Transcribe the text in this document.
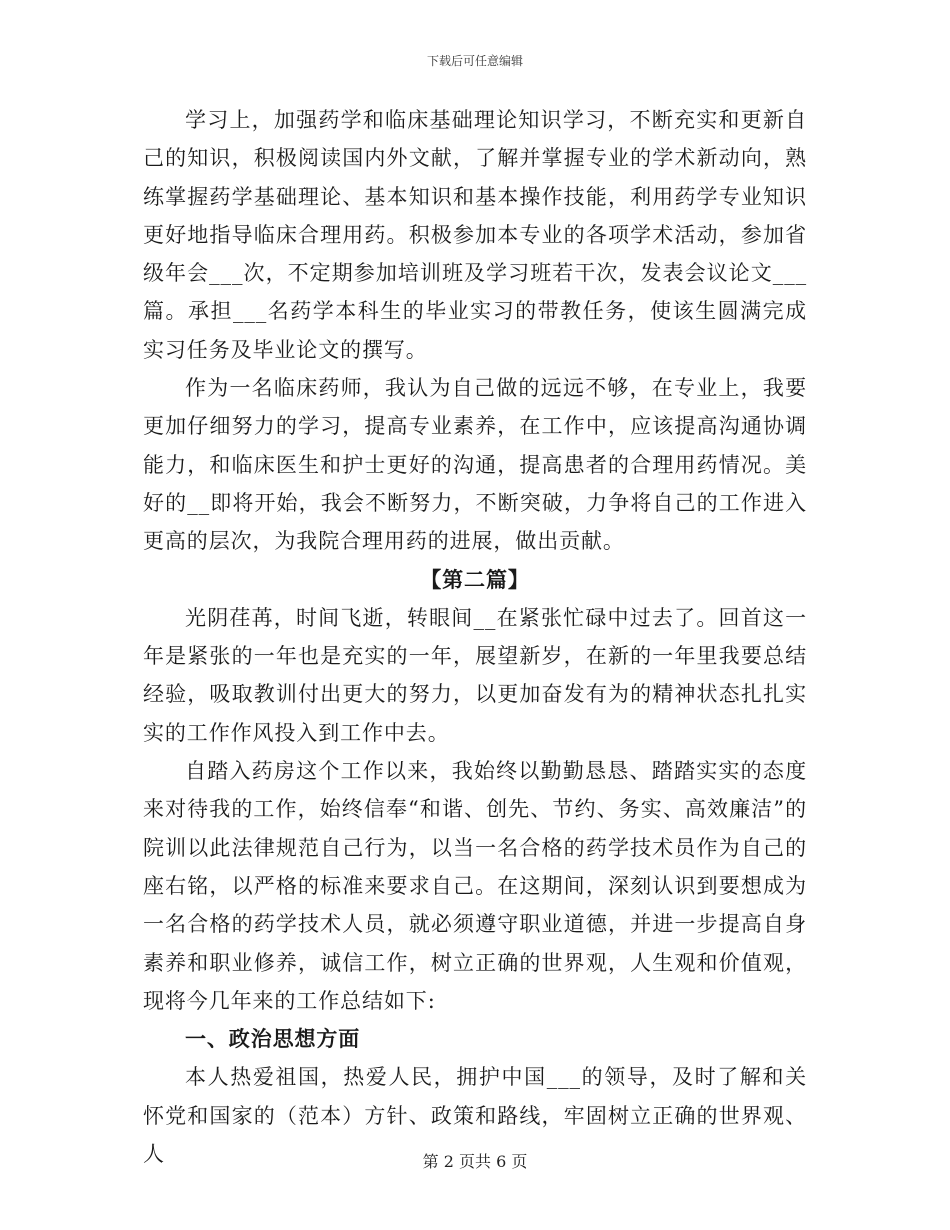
下载后可任意编辑

学习上，加强药学和临床基础理论知识学习，不断充实和更新自己的知识，积极阅读国内外文献，了解并掌握专业的学术新动向，熟练掌握药学基础理论、基本知识和基本操作技能，利用药学专业知识更好地指导临床合理用药。积极参加本专业的各项学术活动，参加省级年会___次，不定期参加培训班及学习班若干次，发表会议论文___篇。承担___名药学本科生的毕业实习的带教任务，使该生圆满完成实习任务及毕业论文的撰写。

作为一名临床药师，我认为自己做的远远不够，在专业上，我要更加仔细努力的学习，提高专业素养，在工作中，应该提高沟通协调能力，和临床医生和护士更好的沟通，提高患者的合理用药情况。美好的__即将开始，我会不断努力，不断突破，力争将自己的工作进入更高的层次，为我院合理用药的进展，做出贡献。

【第二篇】

光阴荏苒，时间飞逝，转眼间__在紧张忙碌中过去了。回首这一年是紧张的一年也是充实的一年，展望新岁，在新的一年里我要总结经验，吸取教训付出更大的努力，以更加奋发有为的精神状态扎扎实实的工作作风投入到工作中去。

自踏入药房这个工作以来，我始终以勤勤恳恳、踏踏实实的态度来对待我的工作，始终信奉“和谐、创先、节约、务实、高效廉洁”的院训以此法律规范自己行为，以当一名合格的药学技术员作为自己的座右铭，以严格的标准来要求自己。在这期间，深刻认识到要想成为一名合格的药学技术人员，就必须遵守职业道德，并进一步提高自身素养和职业修养，诚信工作，树立正确的世界观，人生观和价值观，现将今几年来的工作总结如下:

一、政治思想方面

本人热爱祖国，热爱人民，拥护中国___的领导，及时了解和关怀党和国家的（范本）方针、政策和路线，牢固树立正确的世界观、人	第 2 页共 6 页
